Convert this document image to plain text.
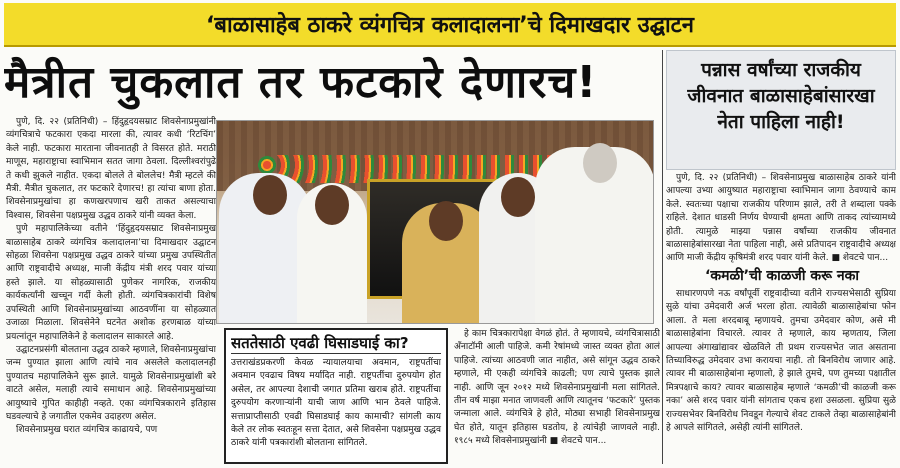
‘बाळासाहेब ठाकरे व्यंगचित्र कलादालना’चे दिमाखदार उद्घाटन
मैत्रीत चुकलात तर फटकारे देणारच!

पुणे, दि. २२ (प्रतिनिधी) – हिंदुहृदयसम्राट शिवसेनाप्रमुखांनी व्यंगचित्राचे फटकारा एकदा मारला की, त्यावर कधी ‘रिटचिंग’ केले नाही. फटकारा मारताना जीवनातही ते विसरत होते. मराठी माणूस, महाराष्ट्राचा स्वाभिमान सतत जागा ठेवला. दिल्लीश्वरांपुढे ते कधी झुकले नाहीत. एकदा बोलले ते बोललेच! मैत्री म्हटले की मैत्री. मैत्रीत चुकलात, तर फटकारे देणारच! हा त्यांचा बाणा होता. शिवसेनाप्रमुखांचा हा कणखरपणाच खरी ताकत असल्याचा विश्वास, शिवसेना पक्षप्रमुख उद्धव ठाकरे यांनी व्यक्त केला.

पुणे महापालिकेच्या वतीने ‘हिंदुहृदयसम्राट शिवसेनाप्रमुख बाळासाहेब ठाकरे व्यंगचित्र कलादालना’चा दिमाखदार उद्घाटन सोहळा शिवसेना पक्षप्रमुख उद्धव ठाकरे यांच्या प्रमुख उपस्थितीत आणि राष्ट्रवादीचे अध्यक्ष, माजी केंद्रीय मंत्री शरद पवार यांच्या हस्ते झाले. या सोहळ्यासाठी पुणेकर नागरिक, राजकीय कार्यकर्त्यांनी खच्चून गर्दी केली होती. व्यंगचित्रकारांची विशेष उपस्थिती आणि शिवसेनाप्रमुखांच्या आठवणींना या सोहळ्यात उजाळा मिळाला. शिवसेनेने घटनेत अशोक हरणबाळ यांच्या प्रयत्नांतून महापालिकेने हे कलादालन साकारले आहे.

उद्घाटनप्रसंगी बोलताना उद्धव ठाकरे म्हणाले, शिवसेनाप्रमुखांचा जन्म पुण्यात झाला आणि त्यांचे नाव असलेले कलादालनही पुण्यातच महापालिकेने सुरू झाले. यामुळे शिवसेनाप्रमुखांशी बरे वाटते असेल, मलाही त्याचे समाधान आहे. शिवसेनाप्रमुखांच्या आयुष्याचे गुपित काहीही नव्हते. एका व्यंगचित्रकाराने इतिहास घडवल्याचे हे जगातील एकमेव उदाहरण असेल.

शिवसेनाप्रमुख घरात व्यंगचित्र काढायचे, पण

सततेसाठी एवढी घिसाडघाई का?
उत्तराखंडप्रकरणी केवळ न्यायालयाचा अवमान, राष्ट्रपतींचा अवमान एवढाच विषय मर्यादित नाही. राष्ट्रपतींचा दुरुपयोग होत असेल, तर आपल्या देशाची जगात प्रतिमा खराब होते. राष्ट्रपतींचा दुरुपयोग करणाऱ्यांनी याची जाण आणि भान ठेवले पाहिजे. सत्ताप्राप्तीसाठी एवढी घिसाडघाई काय कामाची? सांगली काय केले तर लोक स्वतःहून सत्ता देतात, असे शिवसेना पक्षप्रमुख उद्धव ठाकरे यांनी पत्रकारांशी बोलताना सांगितले.

हे काम चित्रकारापेक्षा वेगळं होतं. ते म्हणायचे, व्यंगचित्रासाठी अँनाटॉमी आली पाहिजे. कमी रेषांमध्ये जास्त व्यक्त होता आलं पाहिजे. त्यांच्या आठवणी जात नाहीत, असे सांगून उद्धव ठाकरे म्हणाले, मी एकही व्यंगचित्रे काढली; पण त्याचे पुस्तक झाले नाही. आणि जून २०१२ मध्ये शिवसेनाप्रमुखांनी मला सांगितले. तीन वर्ष माझा मनात जाणवली आणि त्यातूनच ‘फटकारे’ पुस्तक जन्माला आले. व्यंगचित्रे हे होते, मोठ्या सभाही शिवसेनाप्रमुख घेत होते, यातून इतिहास घडतोय, हे त्यांचेही जाणवले नाही. १९८५ मध्ये शिवसेनाप्रमुखांनी ■ शेवटचे पान...

पन्नास वर्षांच्या राजकीय जीवनात बाळासाहेबांसारखा नेता पाहिला नाही!

पुणे, दि. २२ (प्रतिनिधी) – शिवसेनाप्रमुख बाळासाहेब ठाकरे यांनी आपल्या उभ्या आयुष्यात महाराष्ट्राचा स्वाभिमान जागा ठेवण्याचे काम केले. स्वतःच्या पक्षाचा राजकीय परिणाम झाले, तरी ते शब्दाला पक्के राहिले. देशात धाडसी निर्णय घेण्याची क्षमता आणि ताकद त्यांच्यामध्ये होती. त्यामुळे माझ्या पन्नास वर्षांच्या राजकीय जीवनात बाळासाहेबांसारखा नेता पाहिला नाही, असे प्रतिपादन राष्ट्रवादीचे अध्यक्ष आणि माजी केंद्रीय कृषिमंत्री शरद पवार यांनी केले. ■ शेवटचे पान...

‘कमळी’ची काळजी करू नका

साधारणपणे नऊ वर्षांपूर्वी राष्ट्रवादीच्या वतीने राज्यसभेसाठी सुप्रिया सुळे यांचा उमेदवारी अर्ज भरला होता. त्यावेळी बाळासाहेबांचा फोन आला. ते मला शरदबाबू म्हणायचे. तुमचा उमेदवार कोण, असे मी बाळासाहेबांना विचारले. त्यावर ते म्हणाले, काय म्हणताय, जिला आपल्या अंगाखांद्यावर खेळविले ती प्रथम राज्यसभेत जात असताना तिच्याविरुद्ध उमेदवार उभा करायचा नाही. तो बिनविरोध जाणार आहे. त्यावर मी बाळासाहेबांना म्हणालो, हे झाले तुमचे, पण तुमच्या पक्षातील मित्रपक्षाचे काय? त्यावर बाळासाहेब म्हणाले ‘कमळी’ची काळजी करू नका’ असे शरद पवार यांनी सांगताच एकच हशा उसळला. सुप्रिया सुळे राज्यसभेवर बिनविरोध निवडून गेल्याचे शेवट टाकले तेव्हा बाळासाहेबांनी हे आपले सांगितले, असेही त्यांनी सांगितले.
